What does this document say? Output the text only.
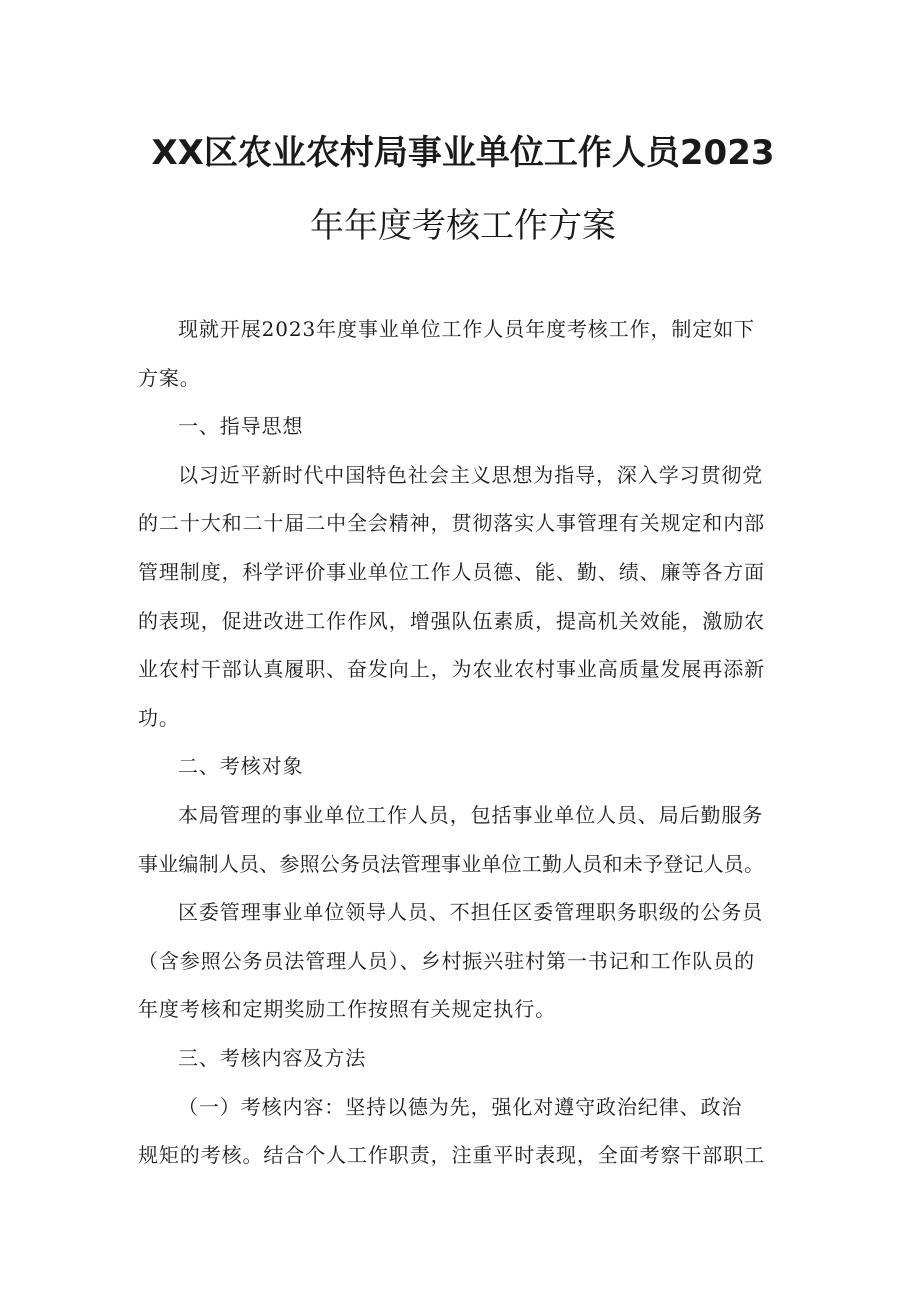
XX区农业农村局事业单位工作人员2023
年年度考核工作方案

现就开展2023年度事业单位工作人员年度考核工作，制定如下
方案。

一、指导思想

以习近平新时代中国特色社会主义思想为指导，深入学习贯彻党
的二十大和二十届二中全会精神，贯彻落实人事管理有关规定和内部
管理制度，科学评价事业单位工作人员德、能、勤、绩、廉等各方面
的表现，促进改进工作作风，增强队伍素质，提高机关效能，激励农
业农村干部认真履职、奋发向上，为农业农村事业高质量发展再添新
功。

二、考核对象

本局管理的事业单位工作人员，包括事业单位人员、局后勤服务
事业编制人员、参照公务员法管理事业单位工勤人员和未予登记人员。

区委管理事业单位领导人员、不担任区委管理职务职级的公务员
（含参照公务员法管理人员）、乡村振兴驻村第一书记和工作队员的
年度考核和定期奖励工作按照有关规定执行。

三、考核内容及方法

（一）考核内容：坚持以德为先，强化对遵守政治纪律、政治
规矩的考核。结合个人工作职责，注重平时表现，全面考察干部职工
